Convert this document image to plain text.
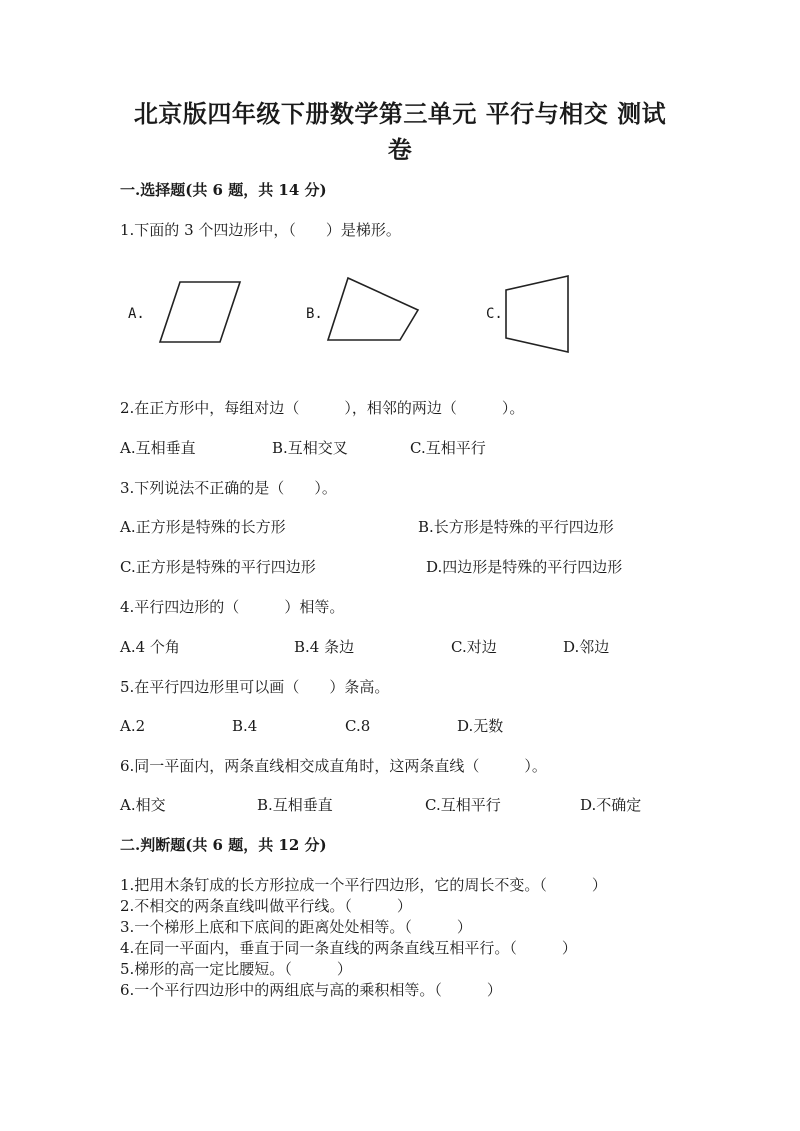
北京版四年级下册数学第三单元 平行与相交 测试
卷
一.选择题(共 6 题，共 14 分)
1.下面的 3 个四边形中，（　　）是梯形。
A.	B.	C.
2.在正方形中，每组对边（　　　），相邻的两边（　　　）。
A.互相垂直	B.互相交叉	C.互相平行
3.下列说法不正确的是（　　）。
A.正方形是特殊的长方形	B.长方形是特殊的平行四边形
C.正方形是特殊的平行四边形	D.四边形是特殊的平行四边形
4.平行四边形的（　　　）相等。
A.4 个角	B.4 条边	C.对边	D.邻边
5.在平行四边形里可以画（　　）条高。
A.2	B.4	C.8	D.无数
6.同一平面内，两条直线相交成直角时，这两条直线（　　　）。
A.相交	B.互相垂直	C.互相平行	D.不确定
二.判断题(共 6 题，共 12 分)
1.把用木条钉成的长方形拉成一个平行四边形，它的周长不变。（　　　）
2.不相交的两条直线叫做平行线。（　　　）
3.一个梯形上底和下底间的距离处处相等。（　　　）
4.在同一平面内，垂直于同一条直线的两条直线互相平行。（　　　）
5.梯形的高一定比腰短。（　　　）
6.一个平行四边形中的两组底与高的乘积相等。（　　　）
